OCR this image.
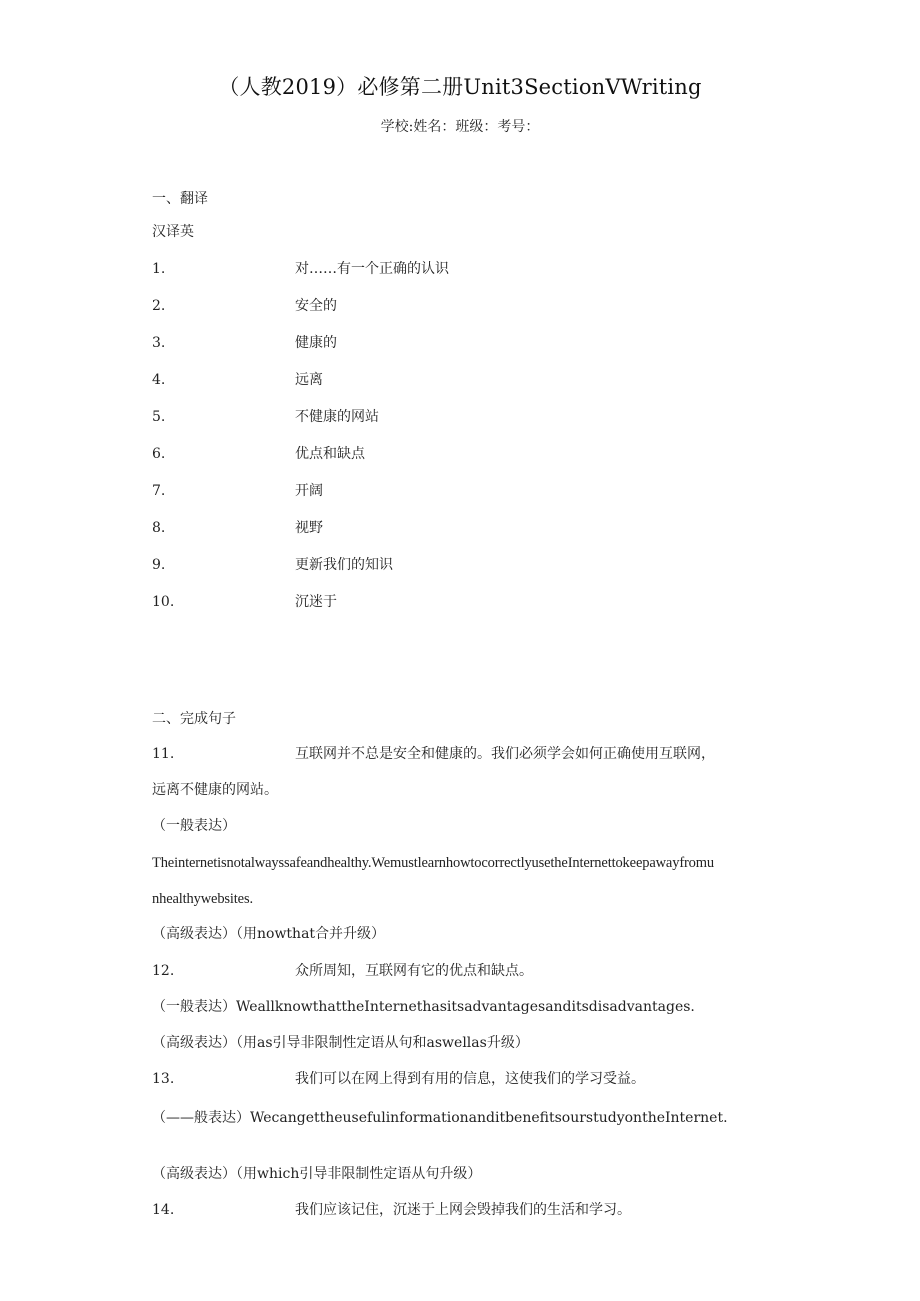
（人教2019）必修第二册Unit3SectionVWriting
学校:姓名：班级：考号：
一、翻译
汉译英
1.	对……有一个正确的认识
2.	安全的
3.	健康的
4.	远离
5.	不健康的网站
6.	优点和缺点
7.	开阔
8.	视野
9.	更新我们的知识
10.	沉迷于
二、完成句子
11.	互联网并不总是安全和健康的。我们必须学会如何正确使用互联网，
远离不健康的网站。
（一般表达）
Theinternetisnotalwayssafeandhealthy.WemustlearnhowtocorrectlyusetheInternettokeepawayfromu
nhealthywebsites.
（高级表达）（用nowthat合并升级）
12.	众所周知，互联网有它的优点和缺点。
（一般表达）WeallknowthattheInternethasitsadvantagesanditsdisadvantages.
（高级表达）（用as引导非限制性定语从句和aswellas升级）
13.	我们可以在网上得到有用的信息，这使我们的学习受益。
（——般表达）WecangettheusefulinformationanditbenefitsourstudyontheInternet.
（高级表达）（用which引导非限制性定语从句升级）
14.	我们应该记住，沉迷于上网会毁掉我们的生活和学习。
